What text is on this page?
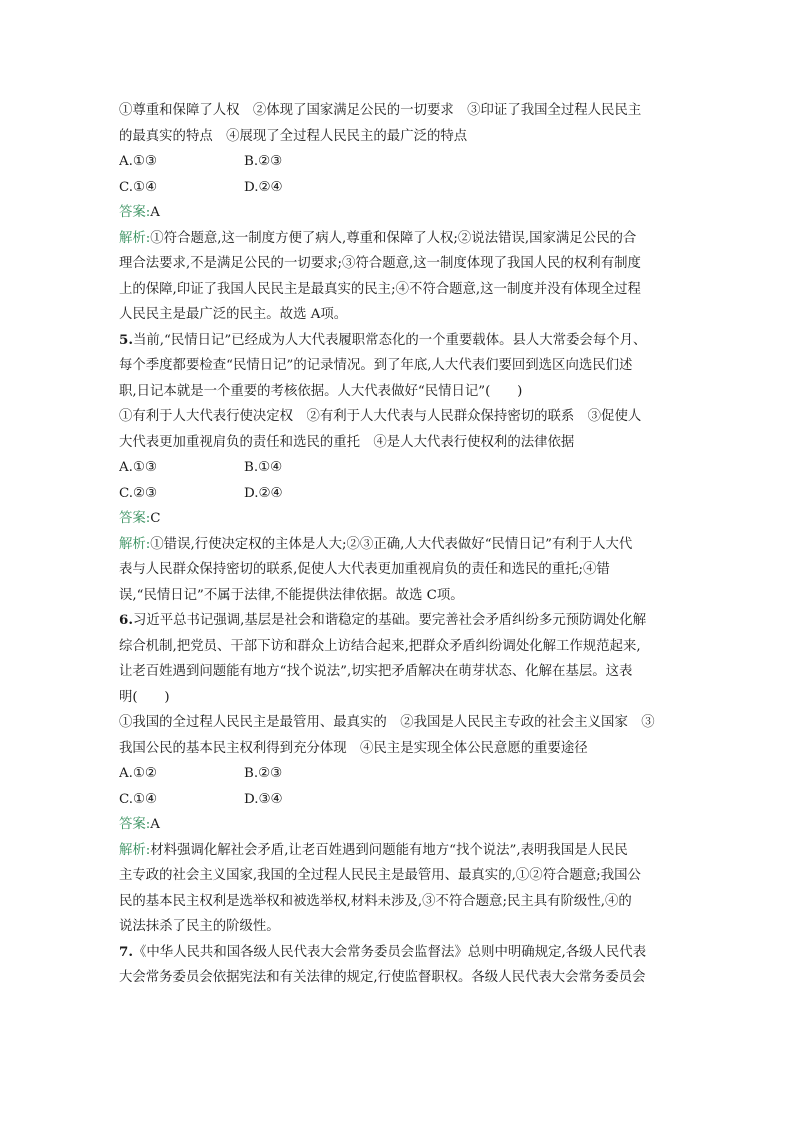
①尊重和保障了人权　②体现了国家满足公民的一切要求　③印证了我国全过程人民民主
的最真实的特点　④展现了全过程人民民主的最广泛的特点
A.①③	B.②③
C.①④	D.②④
答案:A
解析:①符合题意,这一制度方便了病人,尊重和保障了人权;②说法错误,国家满足公民的合
理合法要求,不是满足公民的一切要求;③符合题意,这一制度体现了我国人民的权利有制度
上的保障,印证了我国人民民主是最真实的民主;④不符合题意,这一制度并没有体现全过程
人民民主是最广泛的民主。故选 A项。
5.当前,“民情日记”已经成为人大代表履职常态化的一个重要载体。县人大常委会每个月、
每个季度都要检查“民情日记”的记录情况。到了年底,人大代表们要回到选区向选民们述
职,日记本就是一个重要的考核依据。人大代表做好“民情日记”(　　)
①有利于人大代表行使决定权　②有利于人大代表与人民群众保持密切的联系　③促使人
大代表更加重视肩负的责任和选民的重托　④是人大代表行使权利的法律依据
A.①③	B.①④
C.②③	D.②④
答案:C
解析:①错误,行使决定权的主体是人大;②③正确,人大代表做好“民情日记”有利于人大代
表与人民群众保持密切的联系,促使人大代表更加重视肩负的责任和选民的重托;④错
误,“民情日记”不属于法律,不能提供法律依据。故选 C项。
6.习近平总书记强调,基层是社会和谐稳定的基础。要完善社会矛盾纠纷多元预防调处化解
综合机制,把党员、干部下访和群众上访结合起来,把群众矛盾纠纷调处化解工作规范起来,
让老百姓遇到问题能有地方“找个说法”,切实把矛盾解决在萌芽状态、化解在基层。这表
明(　　)
①我国的全过程人民民主是最管用、最真实的　②我国是人民民主专政的社会主义国家　③
我国公民的基本民主权利得到充分体现　④民主是实现全体公民意愿的重要途径
A.①②	B.②③
C.①④	D.③④
答案:A
解析:材料强调化解社会矛盾,让老百姓遇到问题能有地方“找个说法”,表明我国是人民民
主专政的社会主义国家,我国的全过程人民民主是最管用、最真实的,①②符合题意;我国公
民的基本民主权利是选举权和被选举权,材料未涉及,③不符合题意;民主具有阶级性,④的
说法抹杀了民主的阶级性。
7.《中华人民共和国各级人民代表大会常务委员会监督法》总则中明确规定,各级人民代表
大会常务委员会依据宪法和有关法律的规定,行使监督职权。各级人民代表大会常务委员会
